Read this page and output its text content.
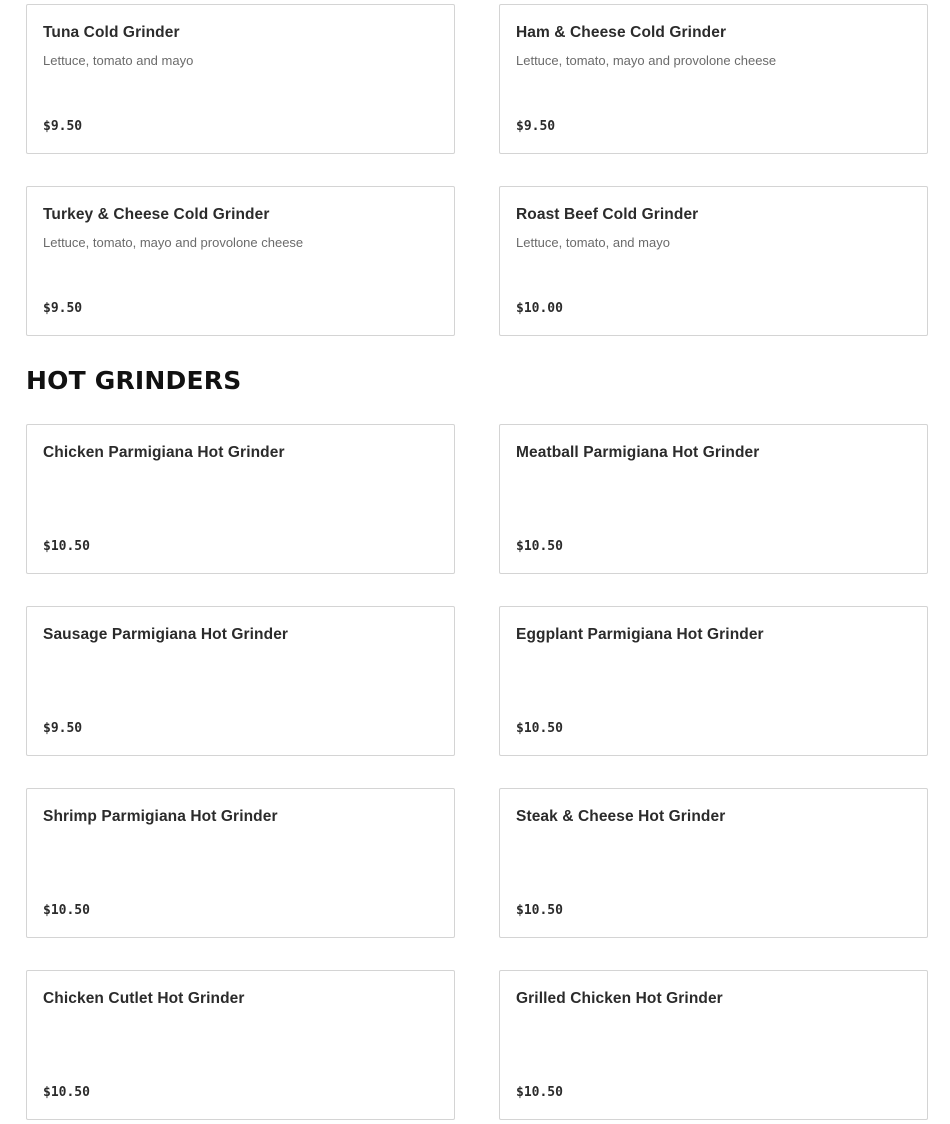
Tuna Cold Grinder
Lettuce, tomato and mayo
$9.50
Ham & Cheese Cold Grinder
Lettuce, tomato, mayo and provolone cheese
$9.50
Turkey & Cheese Cold Grinder
Lettuce, tomato, mayo and provolone cheese
$9.50
Roast Beef Cold Grinder
Lettuce, tomato, and mayo
$10.00
HOT GRINDERS
Chicken Parmigiana Hot Grinder
$10.50
Meatball Parmigiana Hot Grinder
$10.50
Sausage Parmigiana Hot Grinder
$9.50
Eggplant Parmigiana Hot Grinder
$10.50
Shrimp Parmigiana Hot Grinder
$10.50
Steak & Cheese Hot Grinder
$10.50
Chicken Cutlet Hot Grinder
$10.50
Grilled Chicken Hot Grinder
$10.50
